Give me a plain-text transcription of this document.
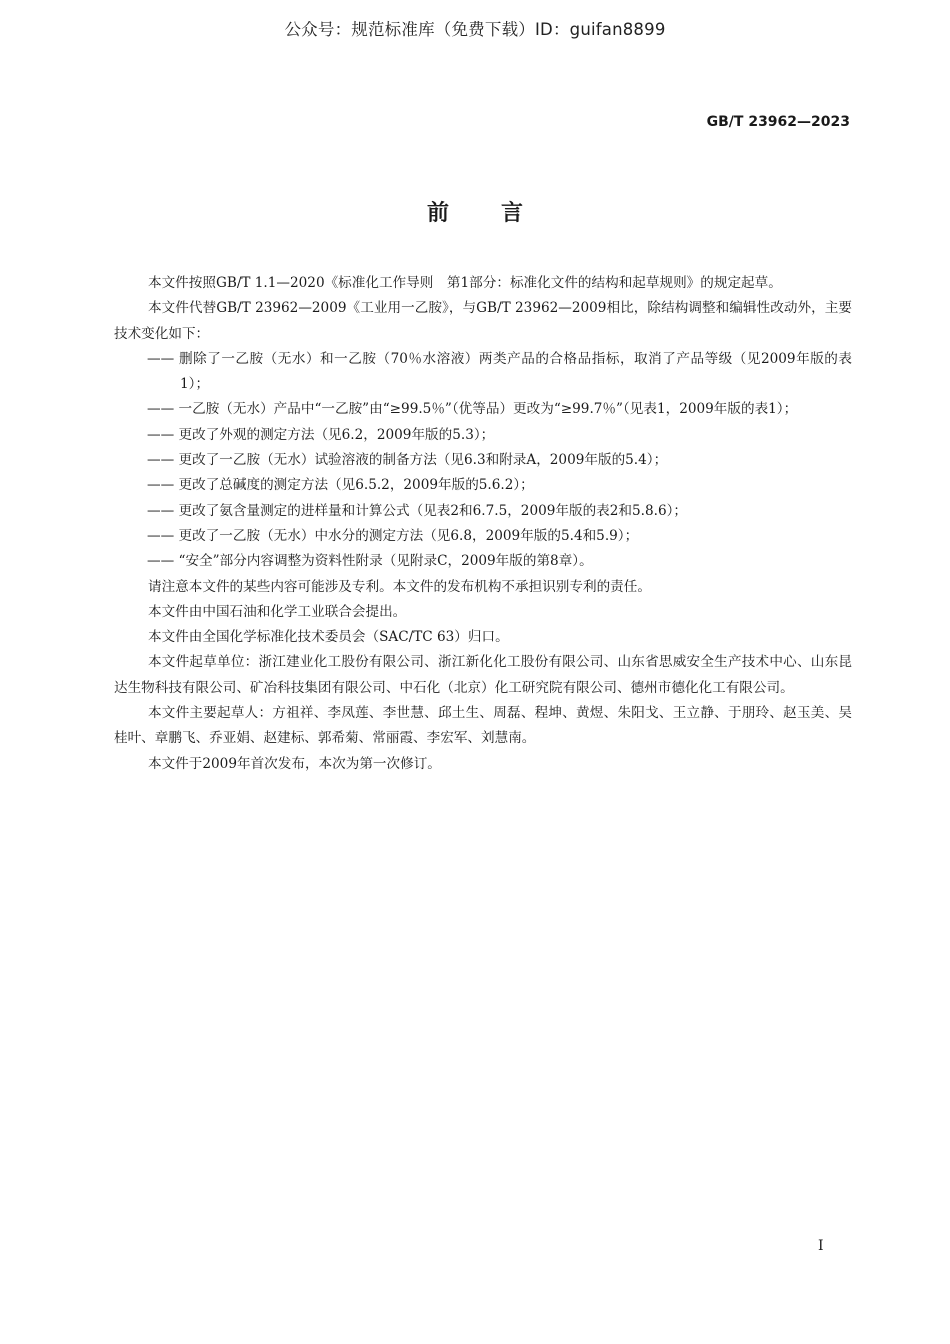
公众号：规范标准库（免费下载）ID：guifan8899
GB/T 23962—2023
前言

本文件按照GB/T 1.1—2020《标准化工作导则　第1部分：标准化文件的结构和起草规则》的规定起草。

本文件代替GB/T 23962—2009《工业用一乙胺》，与GB/T 23962—2009相比，除结构调整和编辑性改动外，主要技术变化如下：

—— 删除了一乙胺（无水）和一乙胺（70％水溶液）两类产品的合格品指标，取消了产品等级（见2009年版的表1）；

—— 一乙胺（无水）产品中“一乙胺”由“≥99.5％”（优等品）更改为“≥99.7％”（见表1，2009年版的表1）；

—— 更改了外观的测定方法（见6.2，2009年版的5.3）；

—— 更改了一乙胺（无水）试验溶液的制备方法（见6.3和附录A，2009年版的5.4）；

—— 更改了总碱度的测定方法（见6.5.2，2009年版的5.6.2）；

—— 更改了氨含量测定的进样量和计算公式（见表2和6.7.5，2009年版的表2和5.8.6）；

—— 更改了一乙胺（无水）中水分的测定方法（见6.8，2009年版的5.4和5.9）；

—— “安全”部分内容调整为资料性附录（见附录C，2009年版的第8章）。

请注意本文件的某些内容可能涉及专利。本文件的发布机构不承担识别专利的责任。

本文件由中国石油和化学工业联合会提出。

本文件由全国化学标准化技术委员会（SAC/TC 63）归口。

本文件起草单位：浙江建业化工股份有限公司、浙江新化化工股份有限公司、山东省思威安全生产技术中心、山东昆达生物科技有限公司、矿冶科技集团有限公司、中石化（北京）化工研究院有限公司、德州市德化化工有限公司。

本文件主要起草人：方祖祥、李凤莲、李世慧、邱土生、周磊、程坤、黄煜、朱阳戈、王立静、于朋玲、赵玉美、吴桂叶、章鹏飞、乔亚娟、赵建标、郭希菊、常丽霞、李宏军、刘慧南。

本文件于2009年首次发布，本次为第一次修订。

I
